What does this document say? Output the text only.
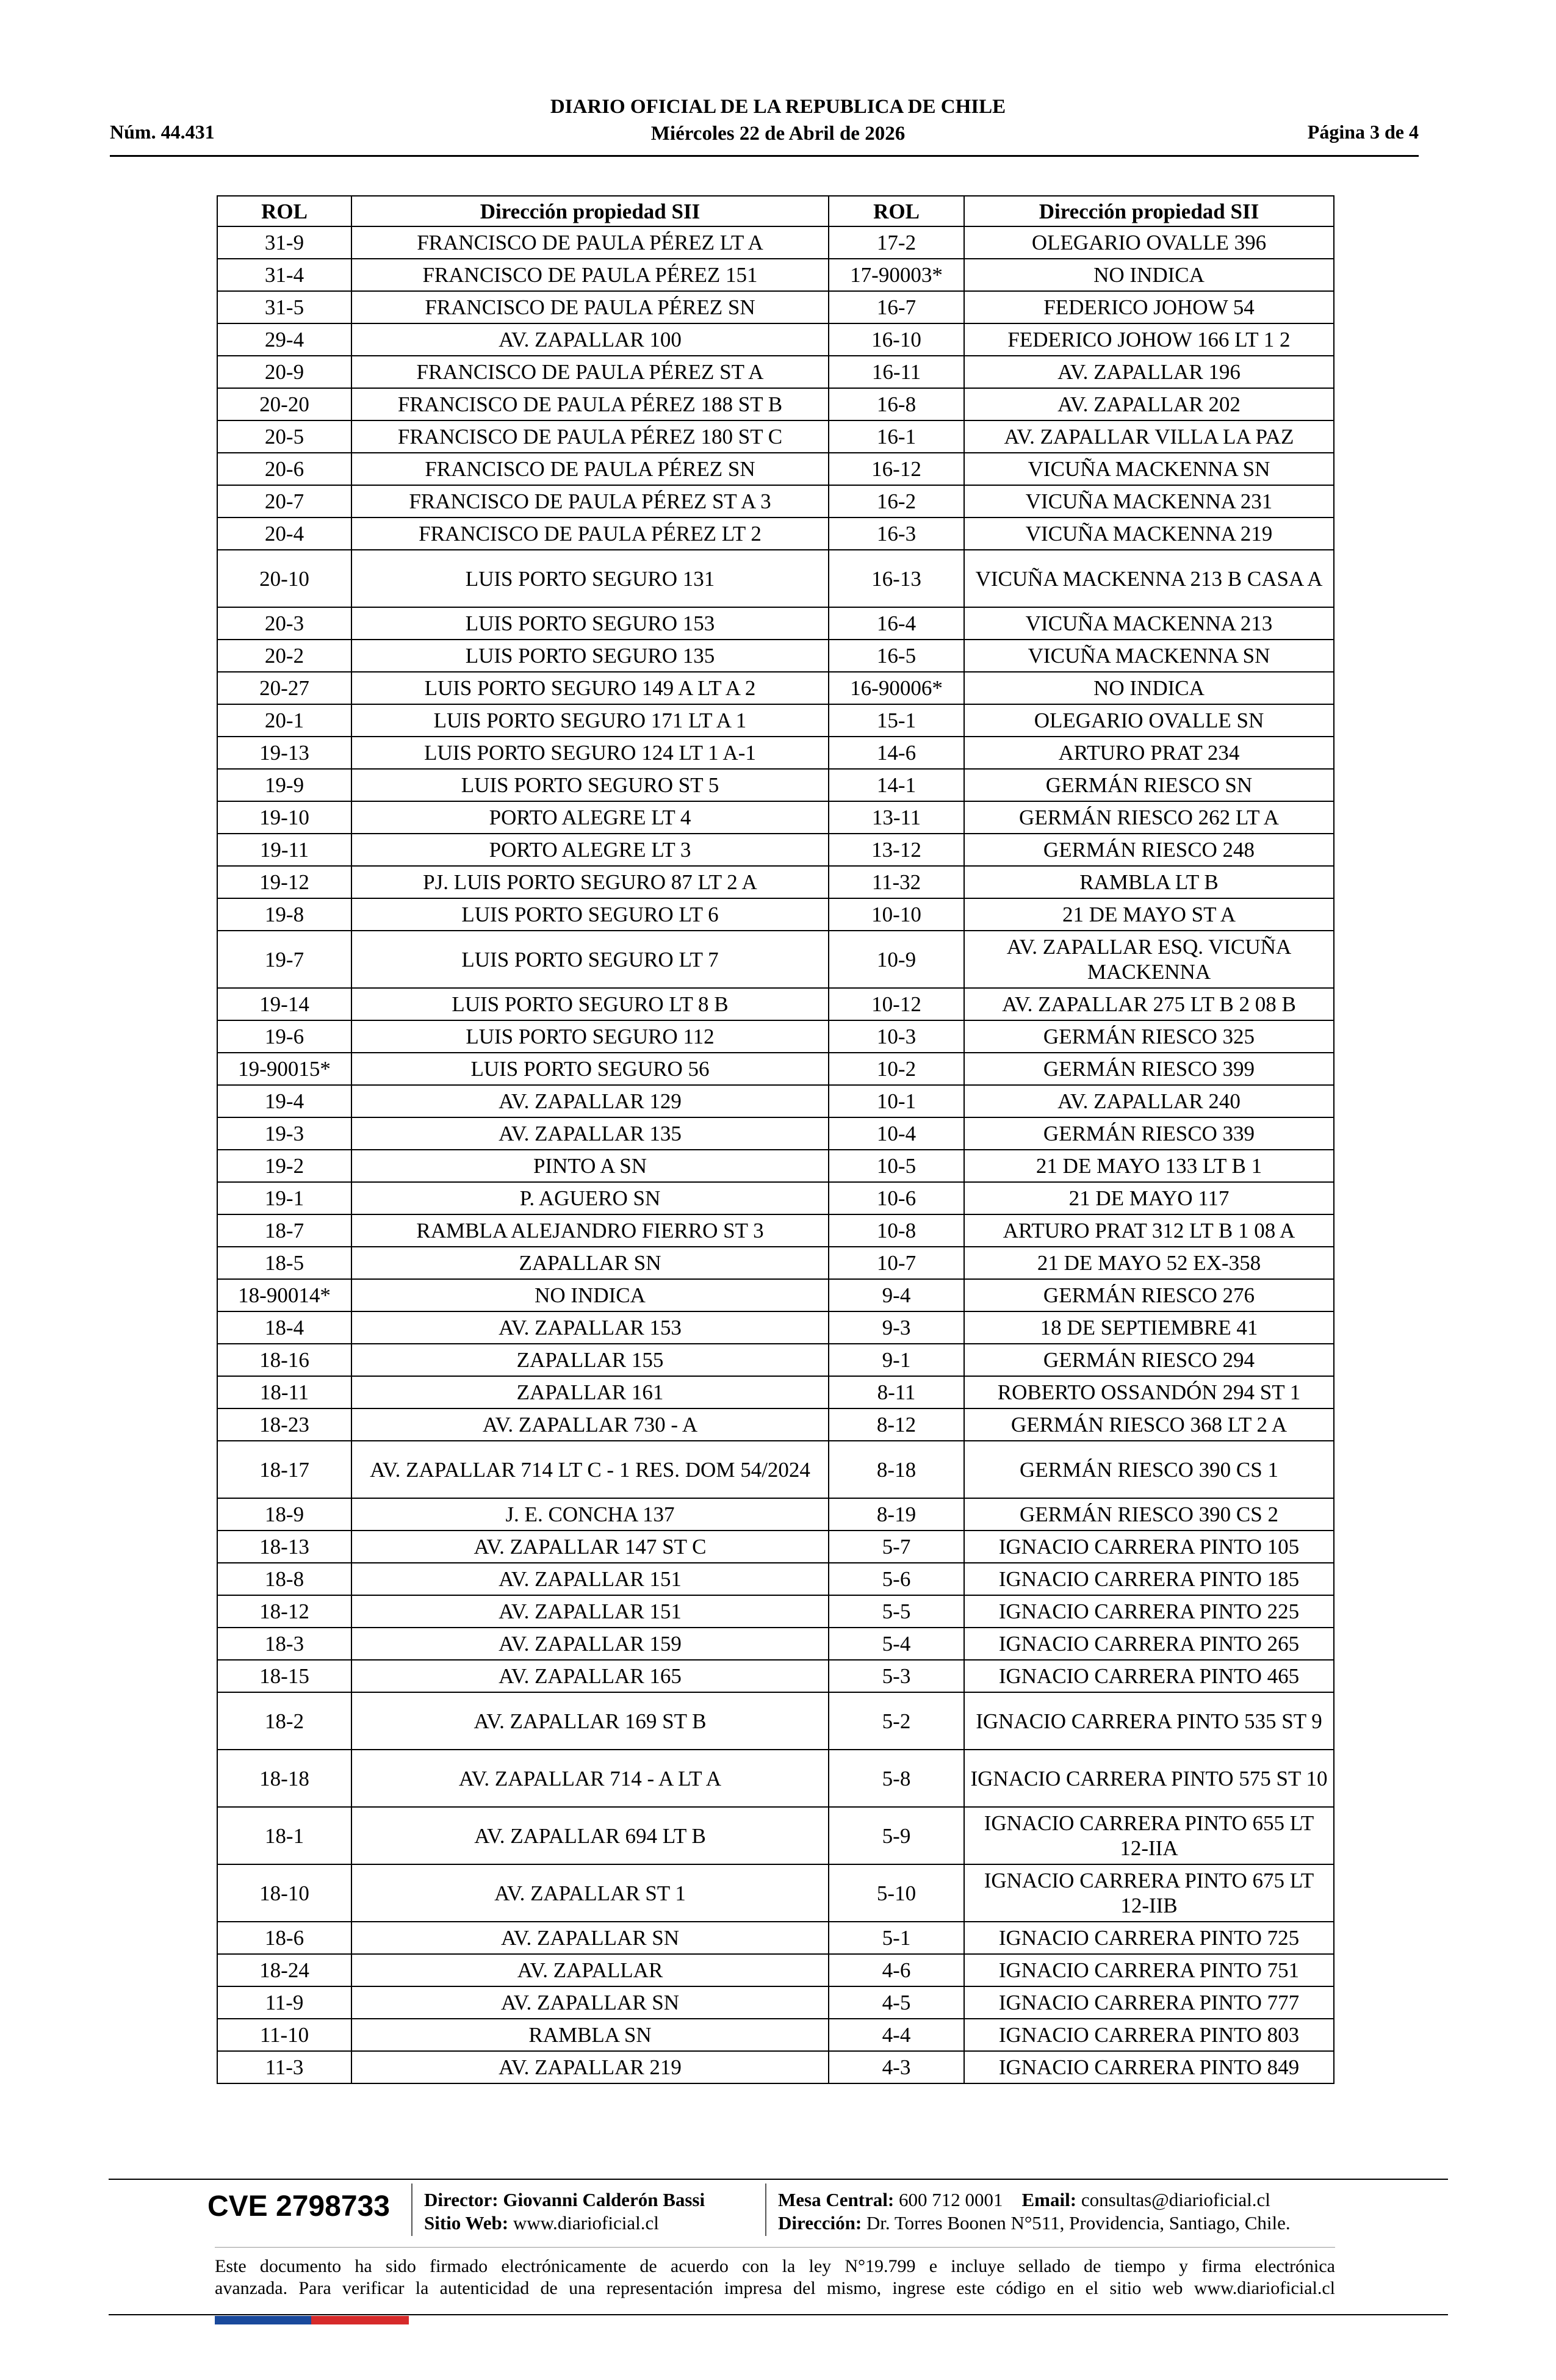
Núm. 44.431
DIARIO OFICIAL DE LA REPUBLICA DE CHILE
Miércoles 22 de Abril de 2026	Página 3 de 4
ROL	Dirección propiedad SII	ROL	Dirección propiedad SII
31-9	FRANCISCO DE PAULA PÉREZ LT A	17-2	OLEGARIO OVALLE 396
31-4	FRANCISCO DE PAULA PÉREZ 151	17-90003*	NO INDICA
31-5	FRANCISCO DE PAULA PÉREZ SN	16-7	FEDERICO JOHOW 54
29-4	AV. ZAPALLAR 100	16-10	FEDERICO JOHOW 166 LT 1 2
20-9	FRANCISCO DE PAULA PÉREZ ST A	16-11	AV. ZAPALLAR 196
20-20	FRANCISCO DE PAULA PÉREZ 188 ST B	16-8	AV. ZAPALLAR 202
20-5	FRANCISCO DE PAULA PÉREZ 180 ST C	16-1	AV. ZAPALLAR VILLA LA PAZ
20-6	FRANCISCO DE PAULA PÉREZ SN	16-12	VICUÑA MACKENNA SN
20-7	FRANCISCO DE PAULA PÉREZ ST A 3	16-2	VICUÑA MACKENNA 231
20-4	FRANCISCO DE PAULA PÉREZ LT 2	16-3	VICUÑA MACKENNA 219
20-10	LUIS PORTO SEGURO 131	16-13	VICUÑA MACKENNA 213 B CASA A
20-3	LUIS PORTO SEGURO 153	16-4	VICUÑA MACKENNA 213
20-2	LUIS PORTO SEGURO 135	16-5	VICUÑA MACKENNA SN
20-27	LUIS PORTO SEGURO 149 A LT A 2	16-90006*	NO INDICA
20-1	LUIS PORTO SEGURO 171 LT A 1	15-1	OLEGARIO OVALLE SN
19-13	LUIS PORTO SEGURO 124 LT 1 A-1	14-6	ARTURO PRAT 234
19-9	LUIS PORTO SEGURO ST 5	14-1	GERMÁN RIESCO SN
19-10	PORTO ALEGRE LT 4	13-11	GERMÁN RIESCO 262 LT A
19-11	PORTO ALEGRE LT 3	13-12	GERMÁN RIESCO 248
19-12	PJ. LUIS PORTO SEGURO 87 LT 2 A	11-32	RAMBLA LT B
19-8	LUIS PORTO SEGURO LT 6	10-10	21 DE MAYO ST A
19-7	LUIS PORTO SEGURO LT 7	10-9	AV. ZAPALLAR ESQ. VICUÑA MACKENNA
19-14	LUIS PORTO SEGURO LT 8 B	10-12	AV. ZAPALLAR 275 LT B 2 08 B
19-6	LUIS PORTO SEGURO 112	10-3	GERMÁN RIESCO 325
19-90015*	LUIS PORTO SEGURO 56	10-2	GERMÁN RIESCO 399
19-4	AV. ZAPALLAR 129	10-1	AV. ZAPALLAR 240
19-3	AV. ZAPALLAR 135	10-4	GERMÁN RIESCO 339
19-2	PINTO A SN	10-5	21 DE MAYO 133 LT B 1
19-1	P. AGUERO SN	10-6	21 DE MAYO 117
18-7	RAMBLA ALEJANDRO FIERRO ST 3	10-8	ARTURO PRAT 312 LT B 1 08 A
18-5	ZAPALLAR SN	10-7	21 DE MAYO 52 EX-358
18-90014*	NO INDICA	9-4	GERMÁN RIESCO 276
18-4	AV. ZAPALLAR 153	9-3	18 DE SEPTIEMBRE 41
18-16	ZAPALLAR 155	9-1	GERMÁN RIESCO 294
18-11	ZAPALLAR 161	8-11	ROBERTO OSSANDÓN 294 ST 1
18-23	AV. ZAPALLAR 730 - A	8-12	GERMÁN RIESCO 368 LT 2 A
18-17	AV. ZAPALLAR 714 LT C - 1 RES. DOM 54/2024	8-18	GERMÁN RIESCO 390 CS 1
18-9	J. E. CONCHA 137	8-19	GERMÁN RIESCO 390 CS 2
18-13	AV. ZAPALLAR 147 ST C	5-7	IGNACIO CARRERA PINTO 105
18-8	AV. ZAPALLAR 151	5-6	IGNACIO CARRERA PINTO 185
18-12	AV. ZAPALLAR 151	5-5	IGNACIO CARRERA PINTO 225
18-3	AV. ZAPALLAR 159	5-4	IGNACIO CARRERA PINTO 265
18-15	AV. ZAPALLAR 165	5-3	IGNACIO CARRERA PINTO 465
18-2	AV. ZAPALLAR 169 ST B	5-2	IGNACIO CARRERA PINTO 535 ST 9
18-18	AV. ZAPALLAR 714 - A LT A	5-8	IGNACIO CARRERA PINTO 575 ST 10
18-1	AV. ZAPALLAR 694 LT B	5-9	IGNACIO CARRERA PINTO 655 LT 12-IIA
18-10	AV. ZAPALLAR ST 1	5-10	IGNACIO CARRERA PINTO 675 LT 12-IIB
18-6	AV. ZAPALLAR SN	5-1	IGNACIO CARRERA PINTO 725
18-24	AV. ZAPALLAR	4-6	IGNACIO CARRERA PINTO 751
11-9	AV. ZAPALLAR SN	4-5	IGNACIO CARRERA PINTO 777
11-10	RAMBLA SN	4-4	IGNACIO CARRERA PINTO 803
11-3	AV. ZAPALLAR 219	4-3	IGNACIO CARRERA PINTO 849
CVE 2798733 Director: Giovanni Calderón Bassi
Sitio Web: www.diarioficial.cl
Mesa Central: 600 712 0001 Email: consultas@diarioficial.cl
Dirección: Dr. Torres Boonen N°511, Providencia, Santiago, Chile.
Este documento ha sido firmado electrónicamente de acuerdo con la ley N°19.799 e incluye sellado de tiempo y firma electrónica
avanzada. Para verificar la autenticidad de una representación impresa del mismo, ingrese este código en el sitio web www.diarioficial.cl
